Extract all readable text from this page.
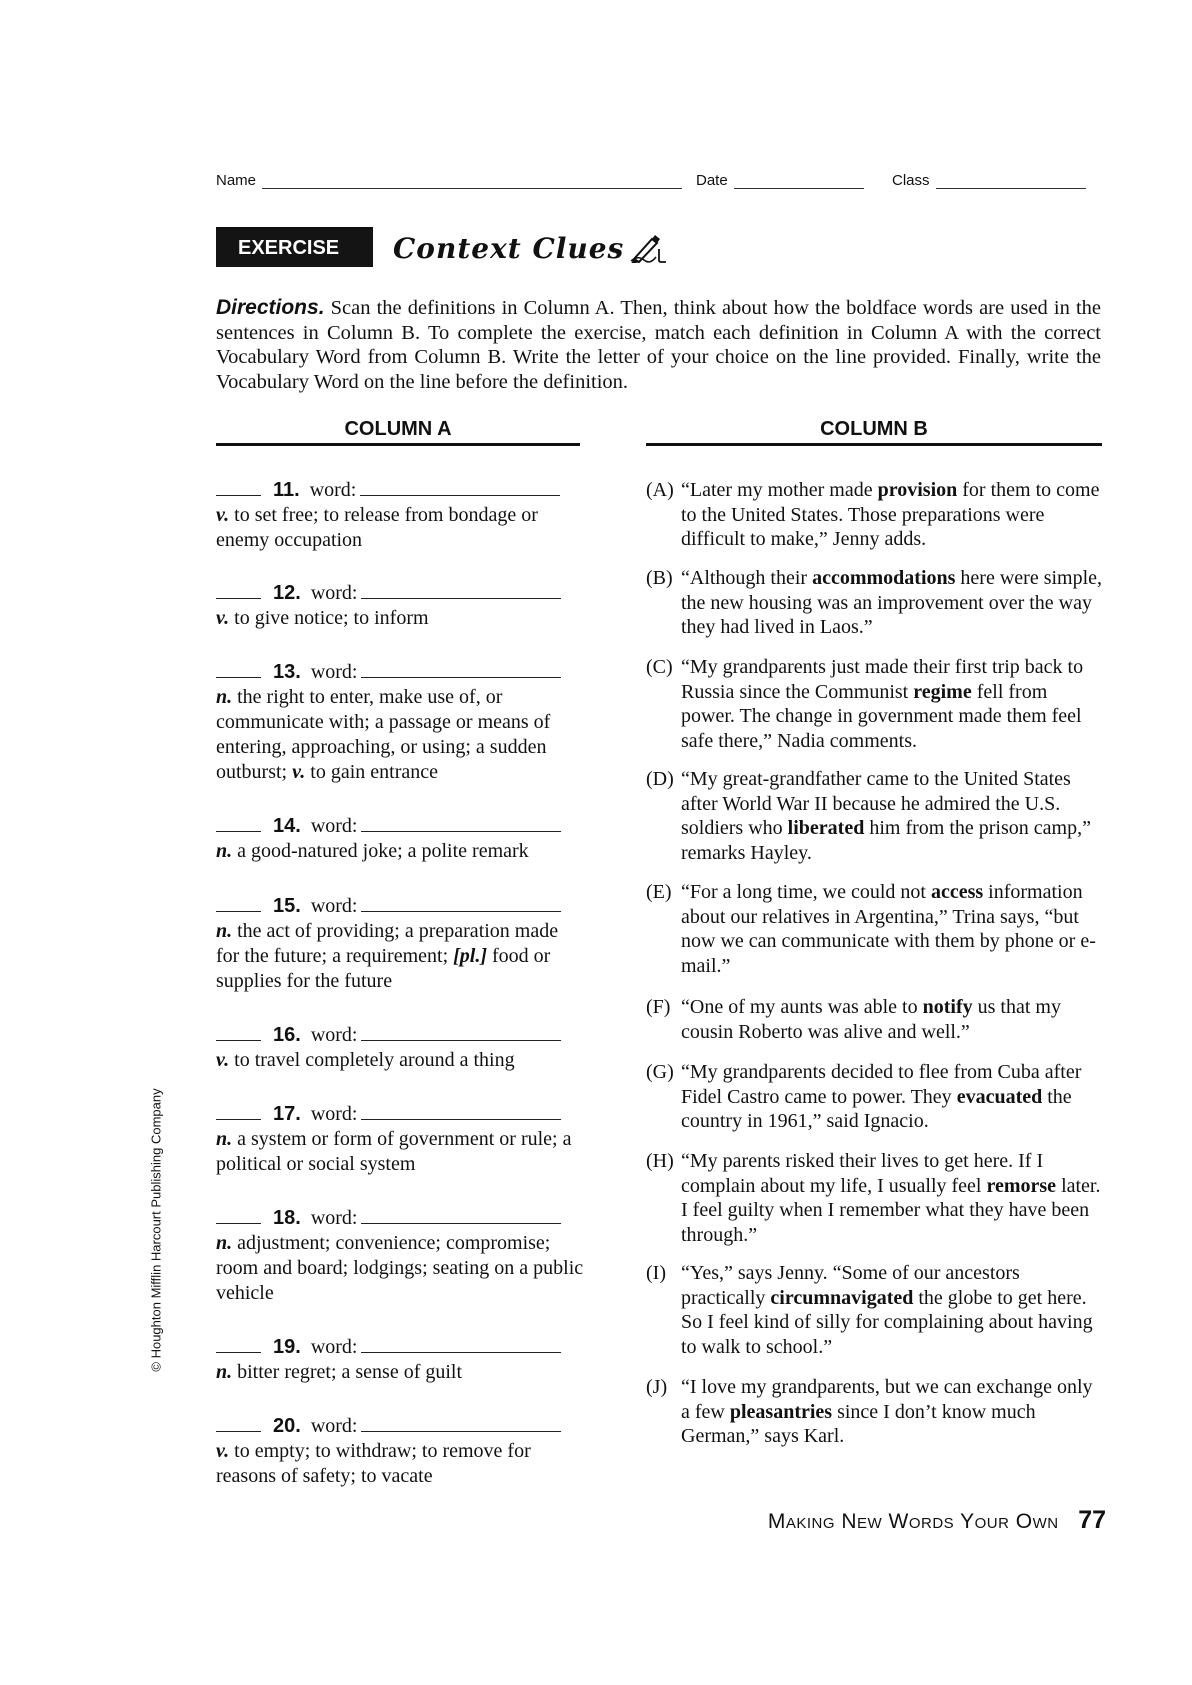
Name	Date	Class
EXERCISE 2
Context Clues
Directions. Scan the definitions in Column A. Then, think about how the boldface words are used in the sentences in Column B. To complete the exercise, match each definition in Column A with the correct Vocabulary Word from Column B. Write the letter of your choice on the line provided. Finally, write the Vocabulary Word on the line before the definition.
COLUMN A	COLUMN B
11. word:

v. to set free; to release from bondage or enemy occupation

12. word:

v. to give notice; to inform

13. word:

n. the right to enter, make use of, or communicate with; a passage or means of entering, approaching, or using; a sudden outburst; v. to gain entrance

14. word:

n. a good-natured joke; a polite remark

15. word:

n. the act of providing; a preparation made for the future; a requirement; [pl.] food or supplies for the future

16. word:

v. to travel completely around a thing

17. word:

n. a system or form of government or rule; a political or social system

18. word:

n. adjustment; convenience; compromise; room and board; lodgings; seating on a public vehicle

19. word:

n. bitter regret; a sense of guilt

20. word:

v. to empty; to withdraw; to remove for reasons of safety; to vacate

(A) “Later my mother made provision for them to come to the United States. Those preparations were difficult to make,” Jenny adds.
(B) “Although their accommodations here were simple, the new housing was an improvement over the way they had lived in Laos.”
(C) “My grandparents just made their first trip back to Russia since the Communist regime fell from power. The change in government made them feel safe there,” Nadia comments.
(D) “My great-grandfather came to the United States after World War II because he admired the U.S. soldiers who liberated him from the prison camp,” remarks Hayley.
(E) “For a long time, we could not access information about our relatives in Argentina,” Trina says, “but now we can communicate with them by phone or e-mail.”
(F) “One of my aunts was able to notify us that my cousin Roberto was alive and well.”
(G) “My grandparents decided to flee from Cuba after Fidel Castro came to power. They evacuated the country in 1961,” said Ignacio.
(H) “My parents risked their lives to get here. If I complain about my life, I usually feel remorse later. I feel guilty when I remember what they have been through.”
(I) “Yes,” says Jenny. “Some of our ancestors practically circumnavigated the globe to get here. So I feel kind of silly for complaining about having to walk to school.”
(J) “I love my grandparents, but we can exchange only a few pleasantries since I don’t know much German,” says Karl.
© Houghton Mifflin Harcourt Publishing Company
Making New Words Your Own 77
